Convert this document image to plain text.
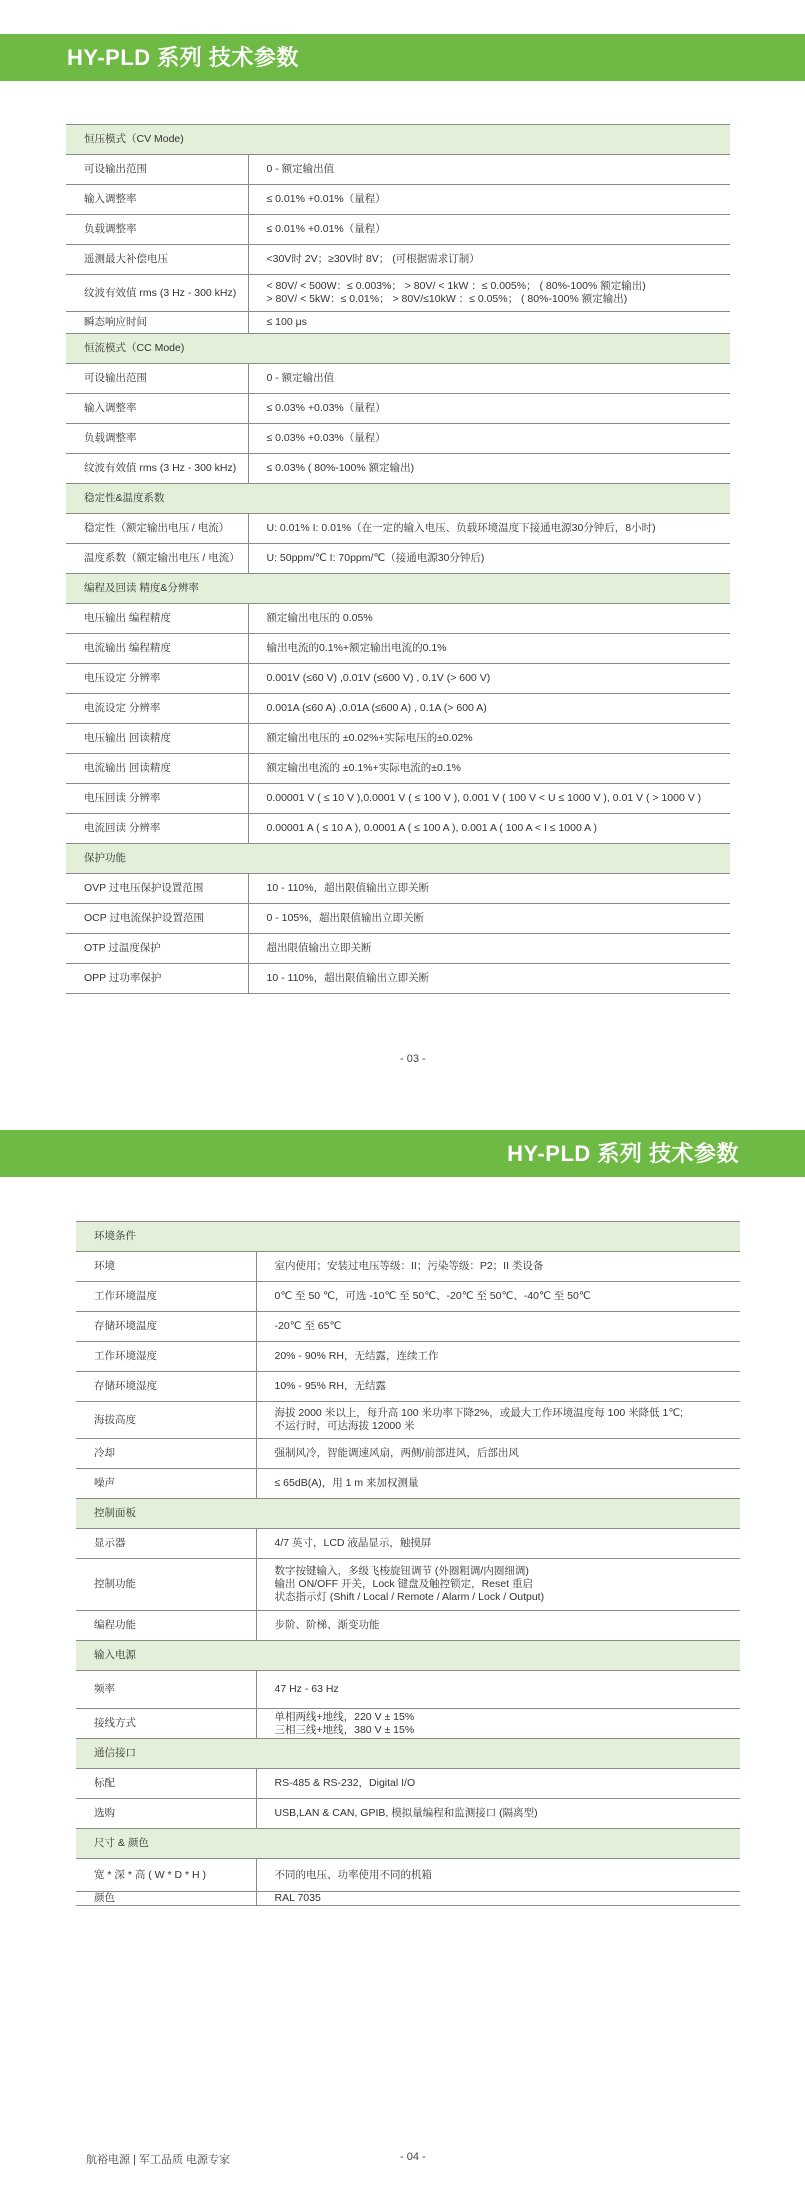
HY-PLD 系列 技术参数
恒压模式（CV Mode)	
可设输出范围	0 - 额定输出值
输入调整率	≤ 0.01% +0.01%（量程）
负载调整率	≤ 0.01% +0.01%（量程）
遥测最大补偿电压	<30V时 2V；≥30V时 8V； (可根据需求订制）
纹波有效值 rms (3 Hz - 300 kHz)	< 80V/ < 500W：≤ 0.003%； > 80V/ < 1kW ：≤ 0.005%； ( 80%-100% 额定输出)
> 80V/ < 5kW：≤ 0.01%； > 80V/≤10kW ：≤ 0.05%； ( 80%-100% 额定输出)
瞬态响应时间	≤ 100 μs
恒流模式（CC Mode)	
可设输出范围	0 - 额定输出值
输入调整率	≤ 0.03% +0.03%（量程）
负载调整率	≤ 0.03% +0.03%（量程）
纹波有效值 rms (3 Hz - 300 kHz)	≤ 0.03% ( 80%-100% 额定输出)
稳定性&温度系数	
稳定性（额定输出电压 / 电流）	U: 0.01% I: 0.01%（在一定的输入电压、负载环境温度下接通电源30分钟后，8小时)
温度系数（额定输出电压 / 电流）	U: 50ppm/℃ I: 70ppm/℃（接通电源30分钟后)
编程及回读 精度&分辨率	
电压输出 编程精度	额定输出电压的 0.05%
电流输出 编程精度	输出电流的0.1%+额定输出电流的0.1%
电压设定 分辨率	0.001V (≤60 V) ,0.01V (≤600 V) , 0.1V (> 600 V)
电流设定 分辨率	0.001A (≤60 A) ,0.01A (≤600 A) , 0.1A (> 600 A)
电压输出 回读精度	额定输出电压的 ±0.02%+实际电压的±0.02%
电流输出 回读精度	额定输出电流的 ±0.1%+实际电流的±0.1%
电压回读 分辨率	0.00001 V ( ≤ 10 V ),0.0001 V ( ≤ 100 V ), 0.001 V ( 100 V < U ≤ 1000 V ), 0.01 V ( > 1000 V )
电流回读 分辨率	0.00001 A ( ≤ 10 A ), 0.0001 A ( ≤ 100 A ), 0.001 A ( 100 A < I ≤ 1000 A )
保护功能	
OVP 过电压保护设置范围	10 - 110%，超出限值输出立即关断
OCP 过电流保护设置范围	0 - 105%，超出限值输出立即关断
OTP 过温度保护	超出限值输出立即关断
OPP 过功率保护	10 - 110%，超出限值输出立即关断
- 03 -
HY-PLD 系列 技术参数
环境条件	
环境	室内使用；安装过电压等级：II；污染等级：P2；II 类设备
工作环境温度	0℃ 至 50 ℃，可选 -10℃ 至 50℃、-20℃ 至 50℃、-40℃ 至 50℃
存储环境温度	-20℃ 至 65℃
工作环境湿度	20% - 90% RH，无结露，连续工作
存储环境湿度	10% - 95% RH，无结露
海拔高度	海拔 2000 米以上，每升高 100 米功率下降2%，或最大工作环境温度每 100 米降低 1℃;
不运行时，可达海拔 12000 米
冷却	强制风冷，智能调速风扇，两侧/前部进风，后部出风
噪声	≤ 65dB(A)，用 1 m 来加权测量
控制面板	
显示器	4/7 英寸，LCD 液晶显示，触摸屏
控制功能	数字按键输入，多级飞梭旋钮调节 (外圈粗调/内圈细调)
输出 ON/OFF 开关，Lock 键盘及触控锁定，Reset 重启
状态指示灯 (Shift / Local / Remote / Alarm / Lock / Output)
编程功能	步阶、阶梯、渐变功能
输入电源	
频率	47 Hz - 63 Hz
接线方式	单相两线+地线，220 V ± 15%
三相三线+地线，380 V ± 15%
通信接口	
标配	RS-485 & RS-232，Digital I/O
选购	USB,LAN & CAN, GPIB, 模拟量编程和监测接口 (隔离型)
尺寸 & 颜色	
宽 * 深 * 高 ( W * D * H )	不同的电压、功率使用不同的机箱
颜色	RAL 7035
航裕电源 | 军工品质 电源专家	- 04 -
